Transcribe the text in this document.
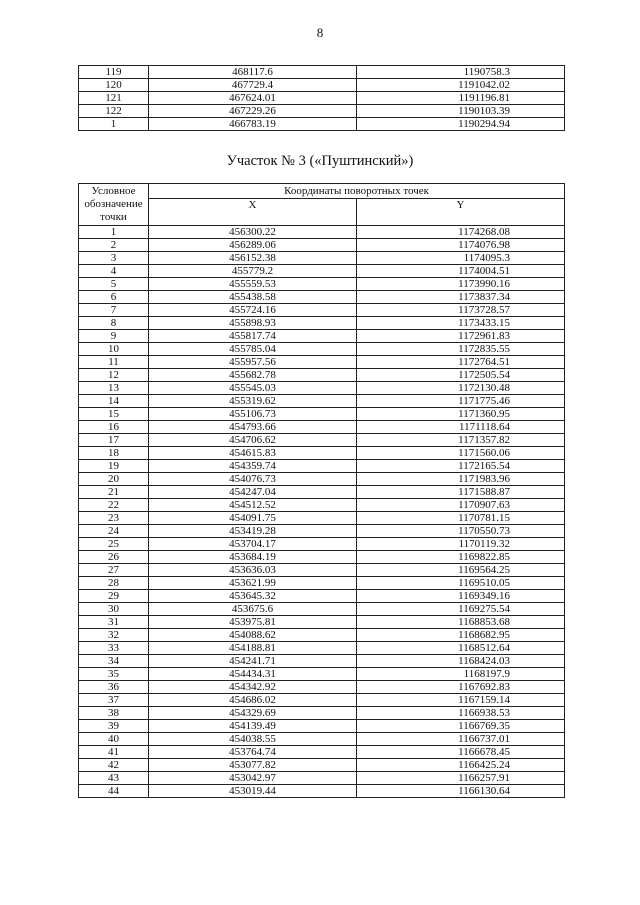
8
119	468117.6	1190758.3
120	467729.4	1191042.02
121	467624.01	1191196.81
122	467229.26	1190103.39
1	466783.19	1190294.94
Участок № 3 («Пуштинский»)
Условное
обозначение
точки	Координаты поворотных точек	
	X	Y
1	456300.22	1174268.08
2	456289.06	1174076.98
3	456152.38	1174095.3
4	455779.2	1174004.51
5	455559.53	1173990.16
6	455438.58	1173837.34
7	455724.16	1173728.57
8	455898.93	1173433.15
9	455817.74	1172961.83
10	455785.04	1172835.55
11	455957.56	1172764.51
12	455682.78	1172505.54
13	455545.03	1172130.48
14	455319.62	1171775.46
15	455106.73	1171360.95
16	454793.66	1171118.64
17	454706.62	1171357.82
18	454615.83	1171560.06
19	454359.74	1172165.54
20	454076.73	1171983.96
21	454247.04	1171588.87
22	454512.52	1170907.63
23	454091.75	1170781.15
24	453419.28	1170550.73
25	453704.17	1170119.32
26	453684.19	1169822.85
27	453636.03	1169564.25
28	453621.99	1169510.05
29	453645.32	1169349.16
30	453675.6	1169275.54
31	453975.81	1168853.68
32	454088.62	1168682.95
33	454188.81	1168512.64
34	454241.71	1168424.03
35	454434.31	1168197.9
36	454342.92	1167692.83
37	454686.02	1167159.14
38	454329.69	1166938.53
39	454139.49	1166769.35
40	454038.55	1166737.01
41	453764.74	1166678.45
42	453077.82	1166425.24
43	453042.97	1166257.91
44	453019.44	1166130.64
